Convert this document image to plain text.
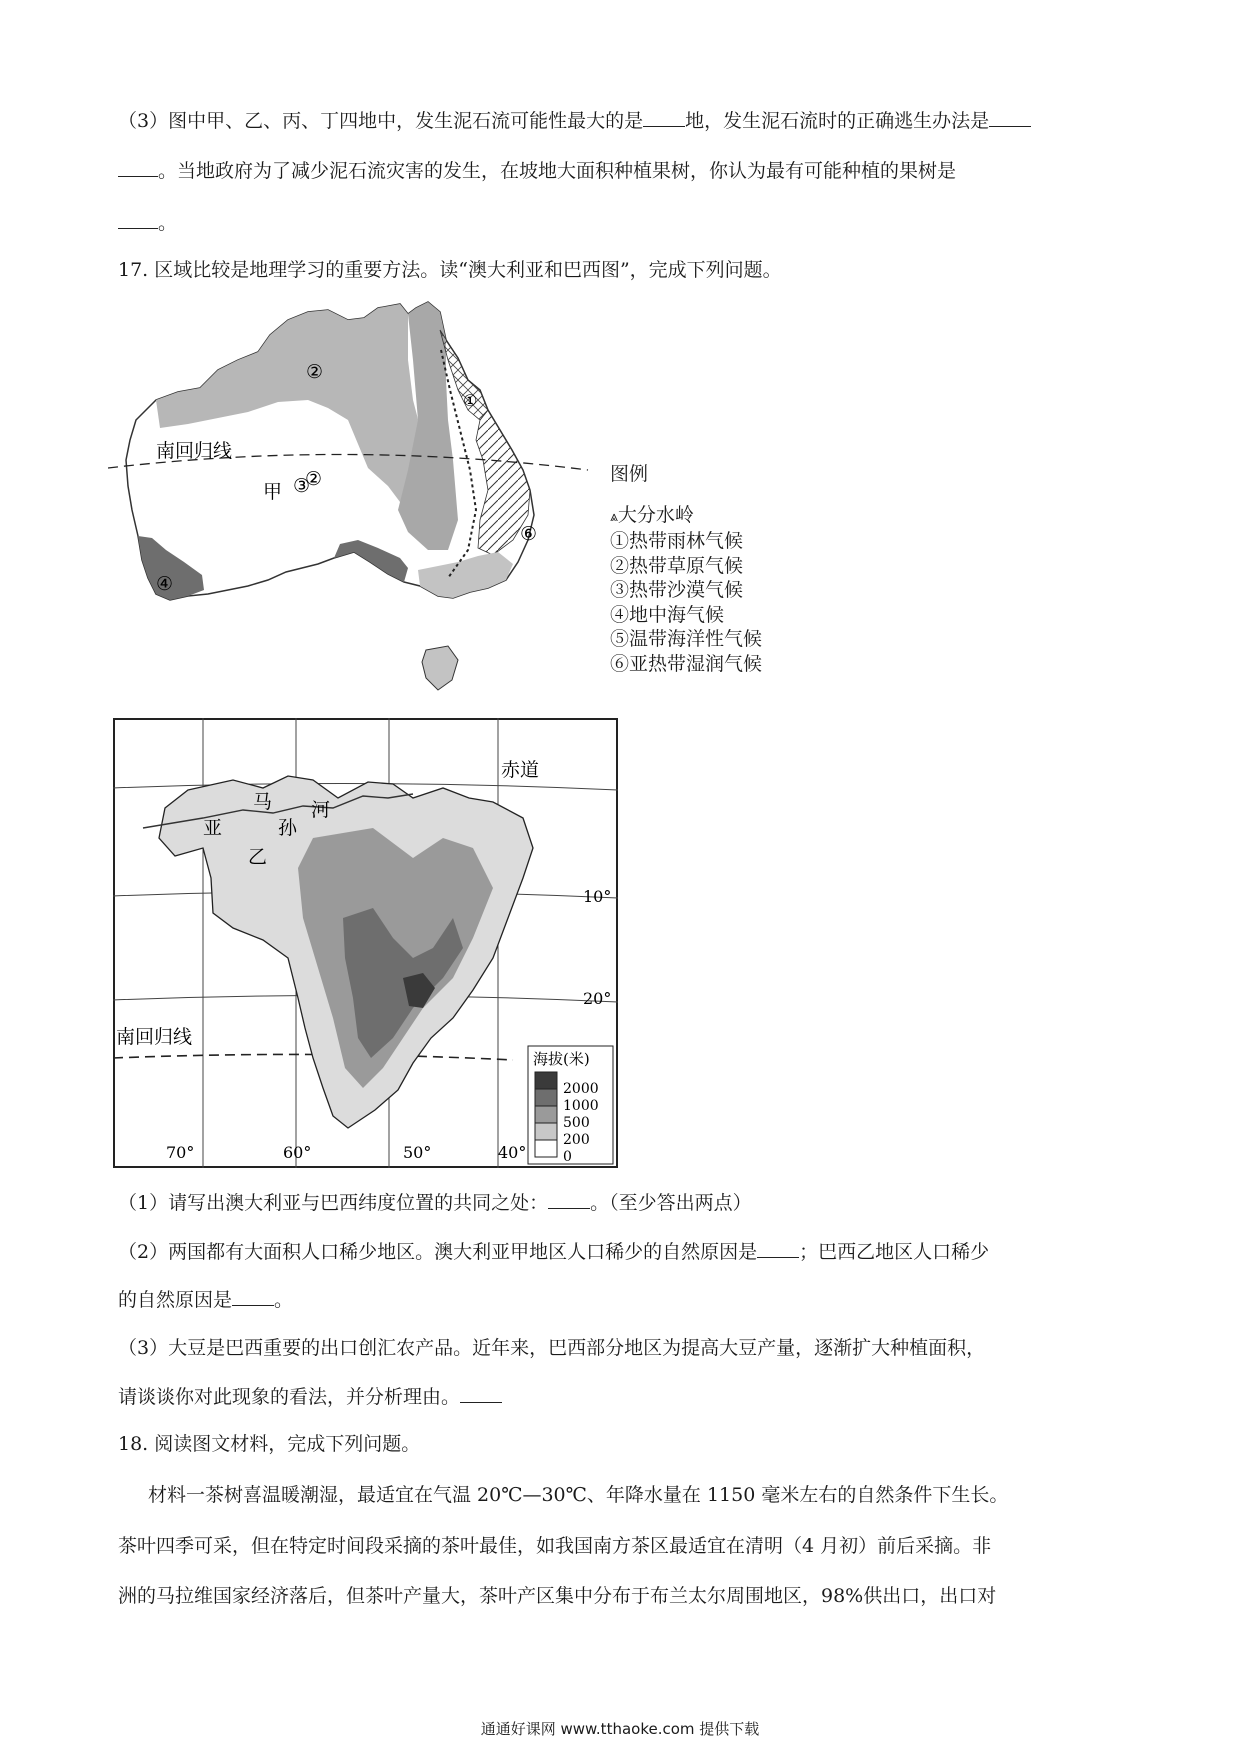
（3）图中甲、乙、丙、丁四地中，发生泥石流可能性最大的是 地，发生泥石流时的正确逃生办法是
。当地政府为了减少泥石流灾害的发生，在坡地大面积种植果树，你认为最有可能种植的果树是
。
17. 区域比较是地理学习的重要方法。读“澳大利亚和巴西图”，完成下列问题。
南回归线
甲
②
②
③
①
④
⑤
⑥
图例
⩓大分水岭
①热带雨林气候
②热带草原气候
③热带沙漠气候
④地中海气候
⑤温带海洋性气候
⑥亚热带湿润气候
赤道
南回归线
亚
马
孙
河
乙
10°
20°
70°	60°	50°	40°
海拔(米)
2000
1000
500
200
0
（1）请写出澳大利亚与巴西纬度位置的共同之处： 。（至少答出两点）
（2）两国都有大面积人口稀少地区。澳大利亚甲地区人口稀少的自然原因是 ；巴西乙地区人口稀少
的自然原因是 。
（3）大豆是巴西重要的出口创汇农产品。近年来，巴西部分地区为提高大豆产量，逐渐扩大种植面积，
请谈谈你对此现象的看法，并分析理由。
18. 阅读图文材料，完成下列问题。
材料一茶树喜温暖潮湿，最适宜在气温 20℃—30℃、年降水量在 1150 毫米左右的自然条件下生长。
茶叶四季可采，但在特定时间段采摘的茶叶最佳，如我国南方茶区最适宜在清明（4 月初）前后采摘。非
洲的马拉维国家经济落后，但茶叶产量大，茶叶产区集中分布于布兰太尔周围地区，98%供出口，出口对
通通好课网 www.tthaoke.com 提供下载
